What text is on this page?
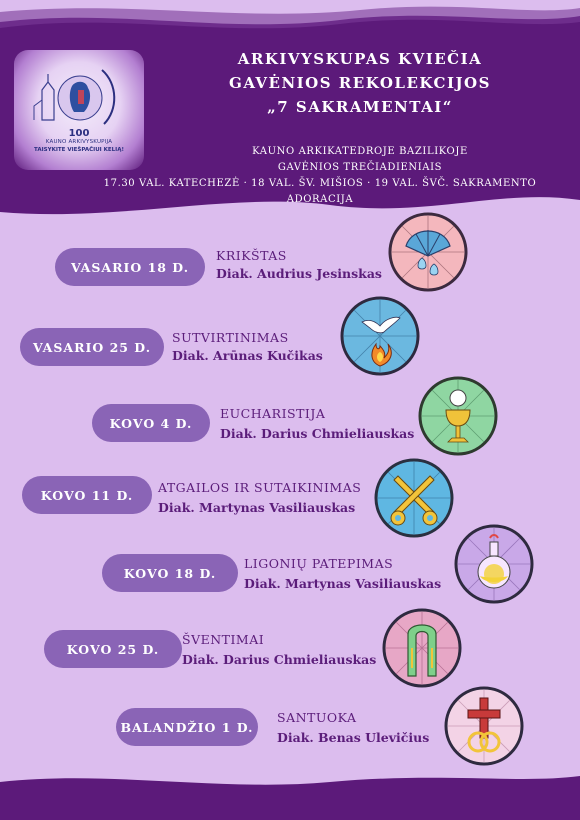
100
KAUNO ARKIVYSKUPIJA
TAISYKITE VIEŠPAČIUI KELIĄ!
ARKIVYSKUPAS KVIEČIA
GAVĖNIOS REKOLEKCIJOS
„7 SAKRAMENTAI“
KAUNO ARKIKATEDROJE BAZILIKOJE
GAVĖNIOS TREČIADIENIAIS
17.30 VAL. KATECHEZĖ · 18 VAL. ŠV. MIŠIOS · 19 VAL. ŠVČ. SAKRAMENTO
ADORACIJA
VASARIO 18 D.
KRIKŠTAS
Diak. Audrius Jesinskas
VASARIO 25 D.
SUTVIRTINIMAS
Diak. Arūnas Kučikas
KOVO 4 D.
EUCHARISTIJA
Diak. Darius Chmieliauskas
KOVO 11 D.	ATGAILOS IR SUTAIKINIMAS
Diak. Martynas Vasiliauskas
KOVO 18 D.
LIGONIŲ PATEPIMAS
Diak. Martynas Vasiliauskas
KOVO 25 D.
ŠVENTIMAI
Diak. Darius Chmieliauskas
BALANDŽIO 1 D.
SANTUOKA
Diak. Benas Ulevičius
